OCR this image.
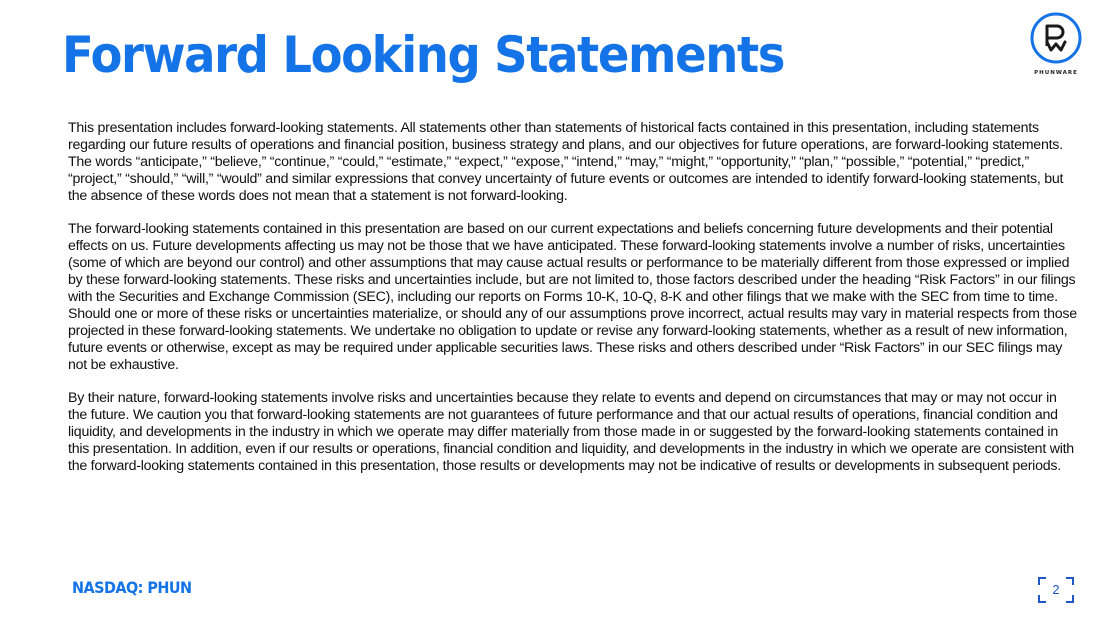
Forward Looking Statements	PHUNWARE

This presentation includes forward-looking statements. All statements other than statements of historical facts contained in this presentation, including statements regarding our future results of operations and financial position, business strategy and plans, and our objectives for future operations, are forward-looking statements. The words “anticipate,” “believe,” “continue,” “could,” “estimate,” “expect,” “expose,” “intend,” “may,” “might,” “opportunity,” “plan,” “possible,” “potential,” “predict,” “project,” “should,” “will,” “would” and similar expressions that convey uncertainty of future events or outcomes are intended to identify forward-looking statements, but the absence of these words does not mean that a statement is not forward-looking.

The forward-looking statements contained in this presentation are based on our current expectations and beliefs concerning future developments and their potential effects on us. Future developments affecting us may not be those that we have anticipated. These forward-looking statements involve a number of risks, uncertainties (some of which are beyond our control) and other assumptions that may cause actual results or performance to be materially different from those expressed or implied by these forward-looking statements. These risks and uncertainties include, but are not limited to, those factors described under the heading “Risk Factors” in our filings with the Securities and Exchange Commission (SEC), including our reports on Forms 10-K, 10-Q, 8-K and other filings that we make with the SEC from time to time. Should one or more of these risks or uncertainties materialize, or should any of our assumptions prove incorrect, actual results may vary in material respects from those projected in these forward-looking statements. We undertake no obligation to update or revise any forward-looking statements, whether as a result of new information, future events or otherwise, except as may be required under applicable securities laws. These risks and others described under “Risk Factors” in our SEC filings may not be exhaustive.

By their nature, forward-looking statements involve risks and uncertainties because they relate to events and depend on circumstances that may or may not occur in the future. We caution you that forward-looking statements are not guarantees of future performance and that our actual results of operations, financial condition and liquidity, and developments in the industry in which we operate may differ materially from those made in or suggested by the forward-looking statements contained in this presentation. In addition, even if our results or operations, financial condition and liquidity, and developments in the industry in which we operate are consistent with the forward-looking statements contained in this presentation, those results or developments may not be indicative of results or developments in subsequent periods.

NASDAQ: PHUN	2
